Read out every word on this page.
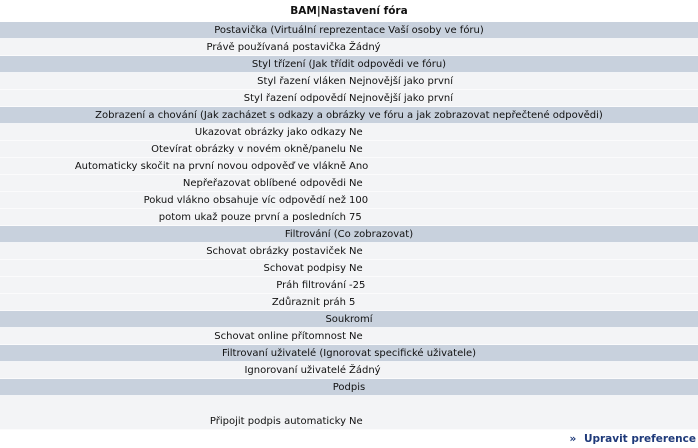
BAM|Nastavení fóra
Postavička (Virtuální reprezentace Vaší osoby ve fóru)
Právě používaná postavička Žádný
Styl třízení (Jak třídit odpovědi ve fóru)
Styl řazení vláken Nejnovější jako první
Styl řazení odpovědí Nejnovější jako první
Zobrazení a chování (Jak zacházet s odkazy a obrázky ve fóru a jak zobrazovat nepřečtené odpovědi)
Ukazovat obrázky jako odkazy Ne
Otevírat obrázky v novém okně/panelu Ne
Automaticky skočit na první novou odpověď ve vlákně Ano
Nepřeřazovat oblíbené odpovědi Ne
Pokud vlákno obsahuje víc odpovědí než 100
potom ukaž pouze první a posledních 75
Filtrování (Co zobrazovat)
Schovat obrázky postaviček Ne
Schovat podpisy Ne
Práh filtrování -25
Zdůraznit práh 5
Soukromí
Schovat online přítomnost Ne
Filtrovaní uživatelé (Ignorovat specifické uživatele)
Ignorovaní uživatelé Žádný
Podpis
Připojit podpis automaticky Ne
» Upravit preference
